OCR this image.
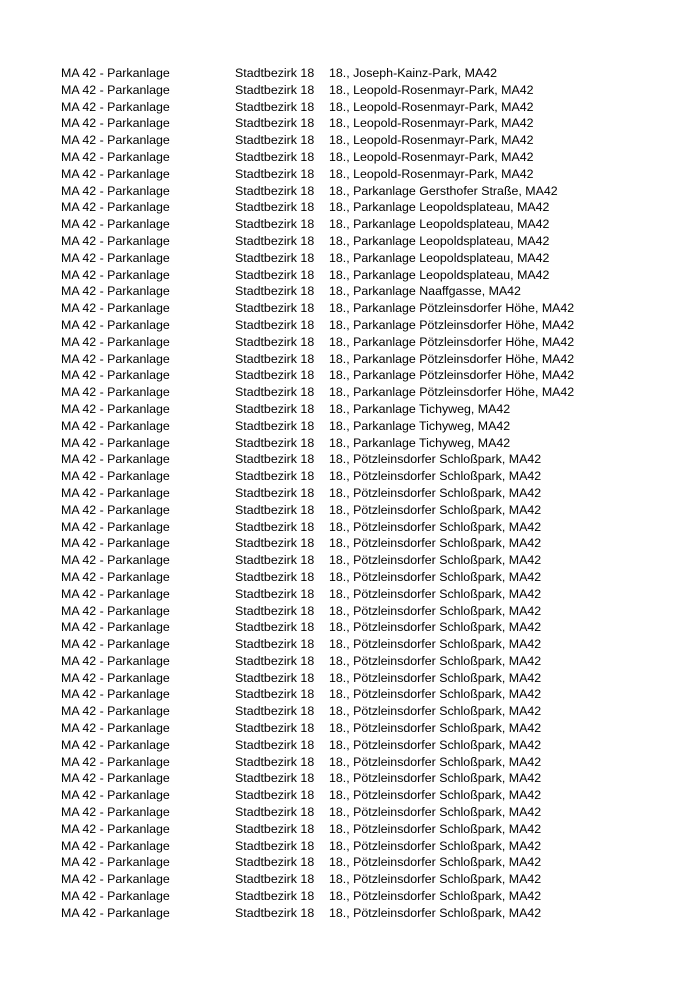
MA 42 - Parkanlage	Stadtbezirk 18 18., Joseph-Kainz-Park, MA42
MA 42 - Parkanlage	Stadtbezirk 18 18., Leopold-Rosenmayr-Park, MA42
MA 42 - Parkanlage	Stadtbezirk 18 18., Leopold-Rosenmayr-Park, MA42
MA 42 - Parkanlage	Stadtbezirk 18 18., Leopold-Rosenmayr-Park, MA42
MA 42 - Parkanlage	Stadtbezirk 18 18., Leopold-Rosenmayr-Park, MA42
MA 42 - Parkanlage	Stadtbezirk 18 18., Leopold-Rosenmayr-Park, MA42
MA 42 - Parkanlage	Stadtbezirk 18 18., Leopold-Rosenmayr-Park, MA42
MA 42 - Parkanlage	Stadtbezirk 18 18., Parkanlage Gersthofer Straße, MA42
MA 42 - Parkanlage	Stadtbezirk 18 18., Parkanlage Leopoldsplateau, MA42
MA 42 - Parkanlage	Stadtbezirk 18 18., Parkanlage Leopoldsplateau, MA42
MA 42 - Parkanlage	Stadtbezirk 18 18., Parkanlage Leopoldsplateau, MA42
MA 42 - Parkanlage	Stadtbezirk 18 18., Parkanlage Leopoldsplateau, MA42
MA 42 - Parkanlage	Stadtbezirk 18 18., Parkanlage Leopoldsplateau, MA42
MA 42 - Parkanlage	Stadtbezirk 18 18., Parkanlage Naaffgasse, MA42
MA 42 - Parkanlage	Stadtbezirk 18 18., Parkanlage Pötzleinsdorfer Höhe, MA42
MA 42 - Parkanlage	Stadtbezirk 18 18., Parkanlage Pötzleinsdorfer Höhe, MA42
MA 42 - Parkanlage	Stadtbezirk 18 18., Parkanlage Pötzleinsdorfer Höhe, MA42
MA 42 - Parkanlage	Stadtbezirk 18 18., Parkanlage Pötzleinsdorfer Höhe, MA42
MA 42 - Parkanlage	Stadtbezirk 18 18., Parkanlage Pötzleinsdorfer Höhe, MA42
MA 42 - Parkanlage	Stadtbezirk 18 18., Parkanlage Pötzleinsdorfer Höhe, MA42
MA 42 - Parkanlage	Stadtbezirk 18 18., Parkanlage Tichyweg, MA42
MA 42 - Parkanlage	Stadtbezirk 18 18., Parkanlage Tichyweg, MA42
MA 42 - Parkanlage	Stadtbezirk 18 18., Parkanlage Tichyweg, MA42
MA 42 - Parkanlage	Stadtbezirk 18 18., Pötzleinsdorfer Schloßpark, MA42
MA 42 - Parkanlage	Stadtbezirk 18 18., Pötzleinsdorfer Schloßpark, MA42
MA 42 - Parkanlage	Stadtbezirk 18 18., Pötzleinsdorfer Schloßpark, MA42
MA 42 - Parkanlage	Stadtbezirk 18 18., Pötzleinsdorfer Schloßpark, MA42
MA 42 - Parkanlage	Stadtbezirk 18 18., Pötzleinsdorfer Schloßpark, MA42
MA 42 - Parkanlage	Stadtbezirk 18 18., Pötzleinsdorfer Schloßpark, MA42
MA 42 - Parkanlage	Stadtbezirk 18 18., Pötzleinsdorfer Schloßpark, MA42
MA 42 - Parkanlage	Stadtbezirk 18 18., Pötzleinsdorfer Schloßpark, MA42
MA 42 - Parkanlage	Stadtbezirk 18 18., Pötzleinsdorfer Schloßpark, MA42
MA 42 - Parkanlage	Stadtbezirk 18 18., Pötzleinsdorfer Schloßpark, MA42
MA 42 - Parkanlage	Stadtbezirk 18 18., Pötzleinsdorfer Schloßpark, MA42
MA 42 - Parkanlage	Stadtbezirk 18 18., Pötzleinsdorfer Schloßpark, MA42
MA 42 - Parkanlage	Stadtbezirk 18 18., Pötzleinsdorfer Schloßpark, MA42
MA 42 - Parkanlage	Stadtbezirk 18 18., Pötzleinsdorfer Schloßpark, MA42
MA 42 - Parkanlage	Stadtbezirk 18 18., Pötzleinsdorfer Schloßpark, MA42
MA 42 - Parkanlage	Stadtbezirk 18 18., Pötzleinsdorfer Schloßpark, MA42
MA 42 - Parkanlage	Stadtbezirk 18 18., Pötzleinsdorfer Schloßpark, MA42
MA 42 - Parkanlage	Stadtbezirk 18 18., Pötzleinsdorfer Schloßpark, MA42
MA 42 - Parkanlage	Stadtbezirk 18 18., Pötzleinsdorfer Schloßpark, MA42
MA 42 - Parkanlage	Stadtbezirk 18 18., Pötzleinsdorfer Schloßpark, MA42
MA 42 - Parkanlage	Stadtbezirk 18 18., Pötzleinsdorfer Schloßpark, MA42
MA 42 - Parkanlage	Stadtbezirk 18 18., Pötzleinsdorfer Schloßpark, MA42
MA 42 - Parkanlage	Stadtbezirk 18 18., Pötzleinsdorfer Schloßpark, MA42
MA 42 - Parkanlage	Stadtbezirk 18 18., Pötzleinsdorfer Schloßpark, MA42
MA 42 - Parkanlage	Stadtbezirk 18 18., Pötzleinsdorfer Schloßpark, MA42
MA 42 - Parkanlage	Stadtbezirk 18 18., Pötzleinsdorfer Schloßpark, MA42
MA 42 - Parkanlage	Stadtbezirk 18 18., Pötzleinsdorfer Schloßpark, MA42
MA 42 - Parkanlage	Stadtbezirk 18 18., Pötzleinsdorfer Schloßpark, MA42
